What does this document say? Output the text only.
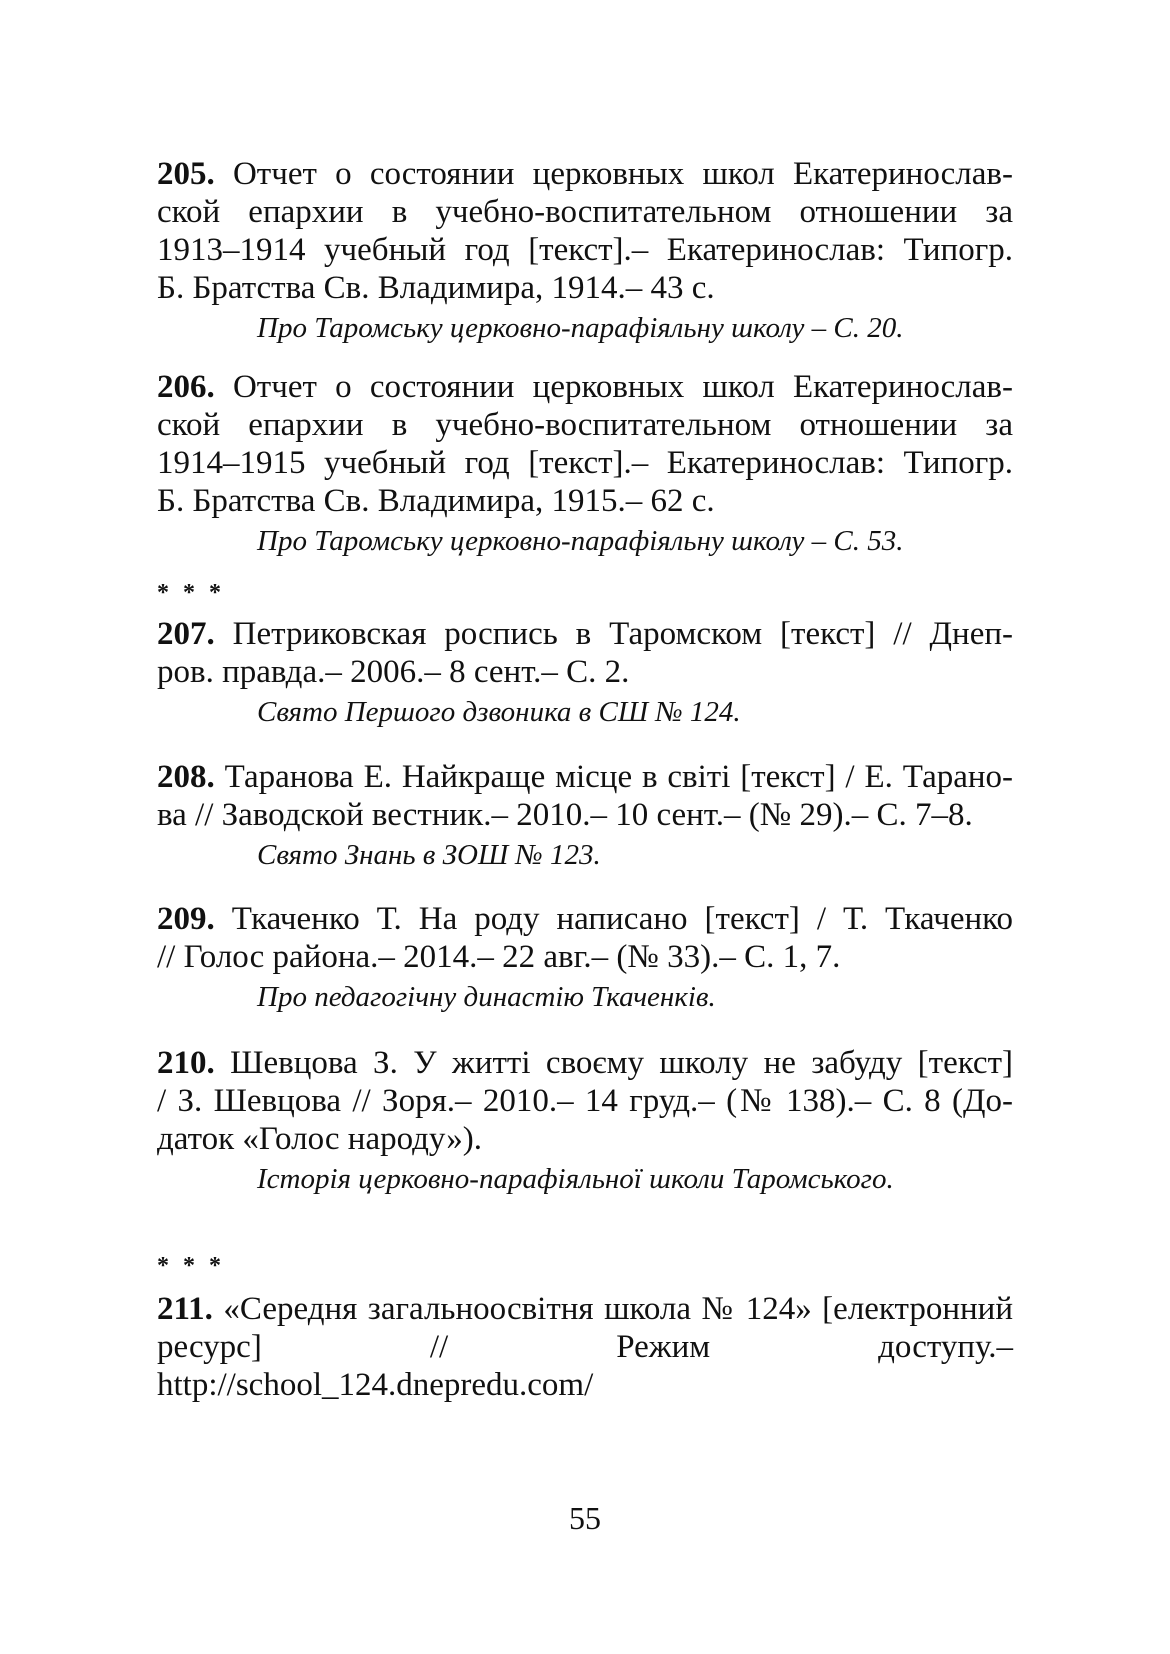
205. Отчет о состоянии церковных школ Екатеринослав-
ской епархии в учебно-воспитательном отношении за
1913–1914 учебный год [текст].– Екатеринослав: Типогр.
Б. Братства Св. Владимира, 1914.– 43 с.
Про Таромську церковно-парафіяльну школу – С. 20.
206. Отчет о состоянии церковных школ Екатеринослав-
ской епархии в учебно-воспитательном отношении за
1914–1915 учебный год [текст].– Екатеринослав: Типогр.
Б. Братства Св. Владимира, 1915.– 62 с.
Про Таромську церковно-парафіяльну школу – С. 53.
* * *
207. Петриковская роспись в Таромском [текст] // Днеп-
ров. правда.– 2006.– 8 сент.– С. 2.
Свято Першого дзвоника в СШ № 124.
208. Таранова Е. Найкраще місце в світі [текст] / Е. Тарано-
ва // Заводской вестник.– 2010.– 10 сент.– (№ 29).– С. 7–8.
Свято Знань в ЗОШ № 123.
209. Ткаченко Т. На роду написано [текст] / Т. Ткаченко
// Голос района.– 2014.– 22 авг.– (№ 33).– С. 1, 7.
Про педагогічну династію Ткаченків.
210. Шевцова З. У житті своєму школу не забуду [текст]
/ З. Шевцова // Зоря.– 2010.– 14 груд.– (№ 138).– С. 8 (До-
даток «Голос народу»).
Історія церковно-парафіяльної школи Таромського.
* * *
211. «Середня загальноосвітня школа № 124» [електронний
ресурс] // Режим доступу.–
http://school_124.dnepredu.com/
55
